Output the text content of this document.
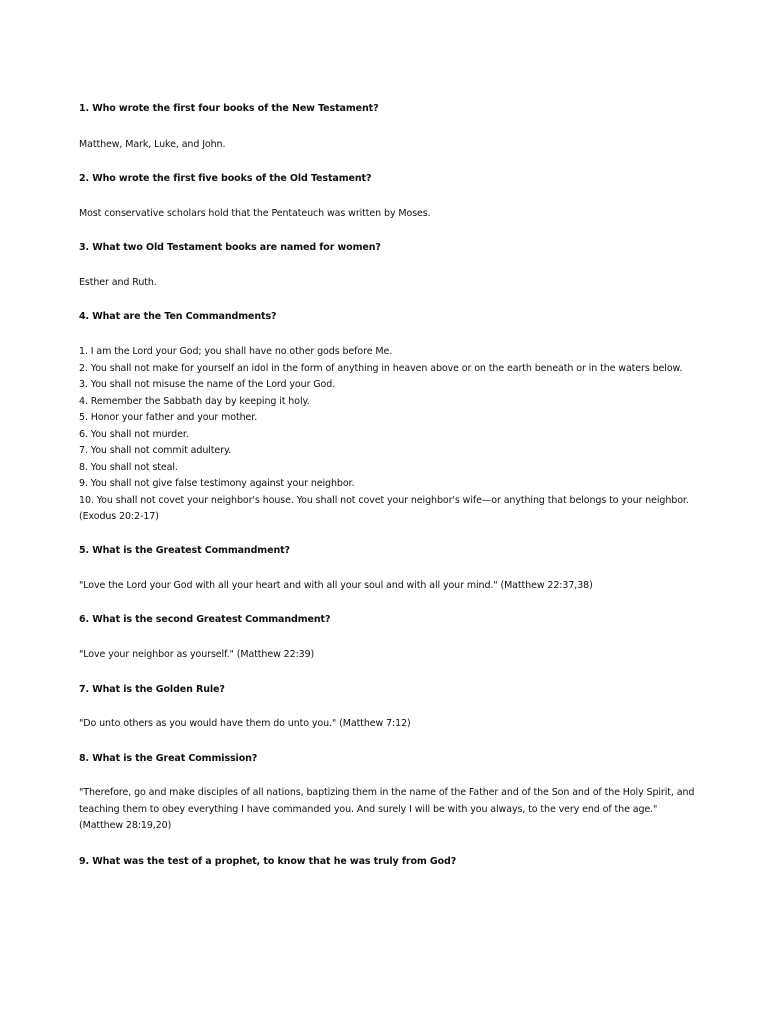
1. Who wrote the first four books of the New Testament?
Matthew, Mark, Luke, and John.
2. Who wrote the first five books of the Old Testament?
Most conservative scholars hold that the Pentateuch was written by Moses.
3. What two Old Testament books are named for women?
Esther and Ruth.
4. What are the Ten Commandments?
1. I am the Lord your God; you shall have no other gods before Me.
2. You shall not make for yourself an idol in the form of anything in heaven above or on the earth beneath or in the waters below.
3. You shall not misuse the name of the Lord your God.
4. Remember the Sabbath day by keeping it holy.
5. Honor your father and your mother.
6. You shall not murder.
7. You shall not commit adultery.
8. You shall not steal.
9. You shall not give false testimony against your neighbor.
10. You shall not covet your neighbor's house. You shall not covet your neighbor's wife—or anything that belongs to your neighbor. (Exodus 20:2-17)
5. What is the Greatest Commandment?
"Love the Lord your God with all your heart and with all your soul and with all your mind." (Matthew 22:37,38)
6. What is the second Greatest Commandment?
"Love your neighbor as yourself." (Matthew 22:39)
7. What is the Golden Rule?
"Do unto others as you would have them do unto you." (Matthew 7:12)
8. What is the Great Commission?
"Therefore, go and make disciples of all nations, baptizing them in the name of the Father and of the Son and of the Holy Spirit, and teaching them to obey everything I have commanded you. And surely I will be with you always, to the very end of the age." (Matthew 28:19,20)
9. What was the test of a prophet, to know that he was truly from God?
